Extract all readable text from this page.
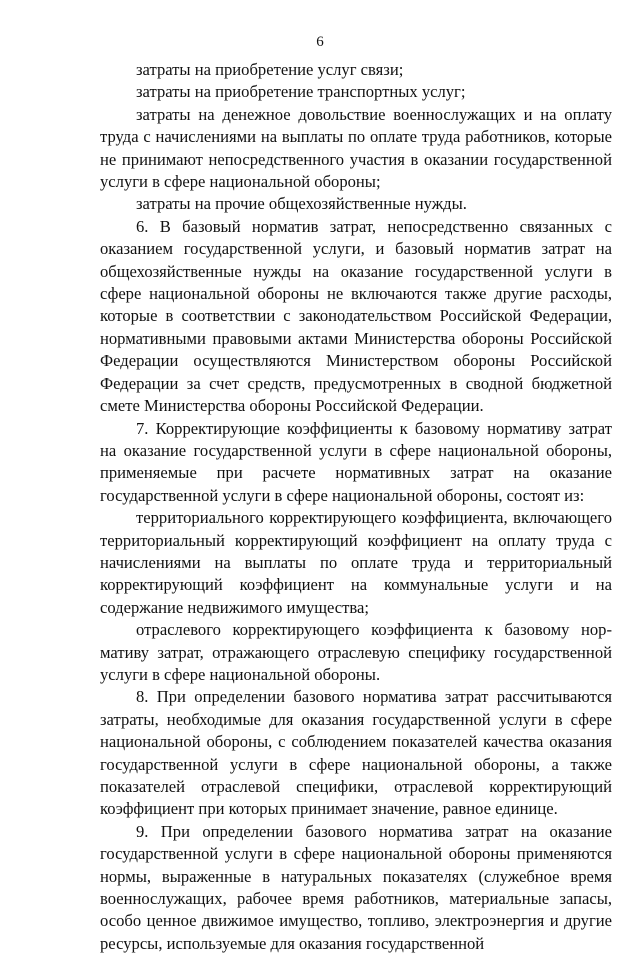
6

затраты на приобретение услуг связи;

затраты на приобретение транспортных услуг;

затраты на денежное довольствие военнослужащих и на оплату труда с начислениями на выплаты по оплате труда работников, которые не принимают непосредственного участия в оказании государственной услуги в сфере национальной обороны;

затраты на прочие общехозяйственные нужды.

6. В базовый норматив затрат, непосредственно связанных с оказанием государственной услуги, и базовый норматив затрат на общехозяйственные нужды на оказание государственной услуги в сфере национальной обороны не включаются также другие расходы, которые в соответствии с законодательством Российской Федерации, нормативными правовыми актами Министерства обороны Российской Федерации осуществляются Министерством обороны Российской Федерации за счет средств, предусмотренных в сводной бюджетной смете Министерства обороны Российской Федерации.

7. Корректирующие коэффициенты к базовому нормативу затрат на оказание государственной услуги в сфере национальной обороны, применяемые при расчете нормативных затрат на оказание государственной услуги в сфере национальной обороны, состоят из:

территориального корректирующего коэффициента, включающего территориальный корректирующий коэффициент на оплату труда с начислениями на выплаты по оплате труда и территориальный корректирующий коэффициент на коммунальные услуги и на содержание недвижимого имущества;

отраслевого корректирующего коэффициента к базовому нормативу затрат, отражающего отраслевую специфику государственной услуги в сфере национальной обороны.

8. При определении базового норматива затрат рассчитываются затраты, необходимые для оказания государственной услуги в сфере национальной обороны, с соблюдением показателей качества оказания государственной услуги в сфере национальной обороны, а также показателей отраслевой специфики, отраслевой корректирующий коэффициент при которых принимает значение, равное единице.

9. При определении базового норматива затрат на оказание государственной услуги в сфере национальной обороны применяются нормы, выраженные в натуральных показателях (служебное время военнослужащих, рабочее время работников, материальные запасы, особо ценное движимое имущество, топливо, электроэнергия и другие ресурсы, используемые для оказания государственной
